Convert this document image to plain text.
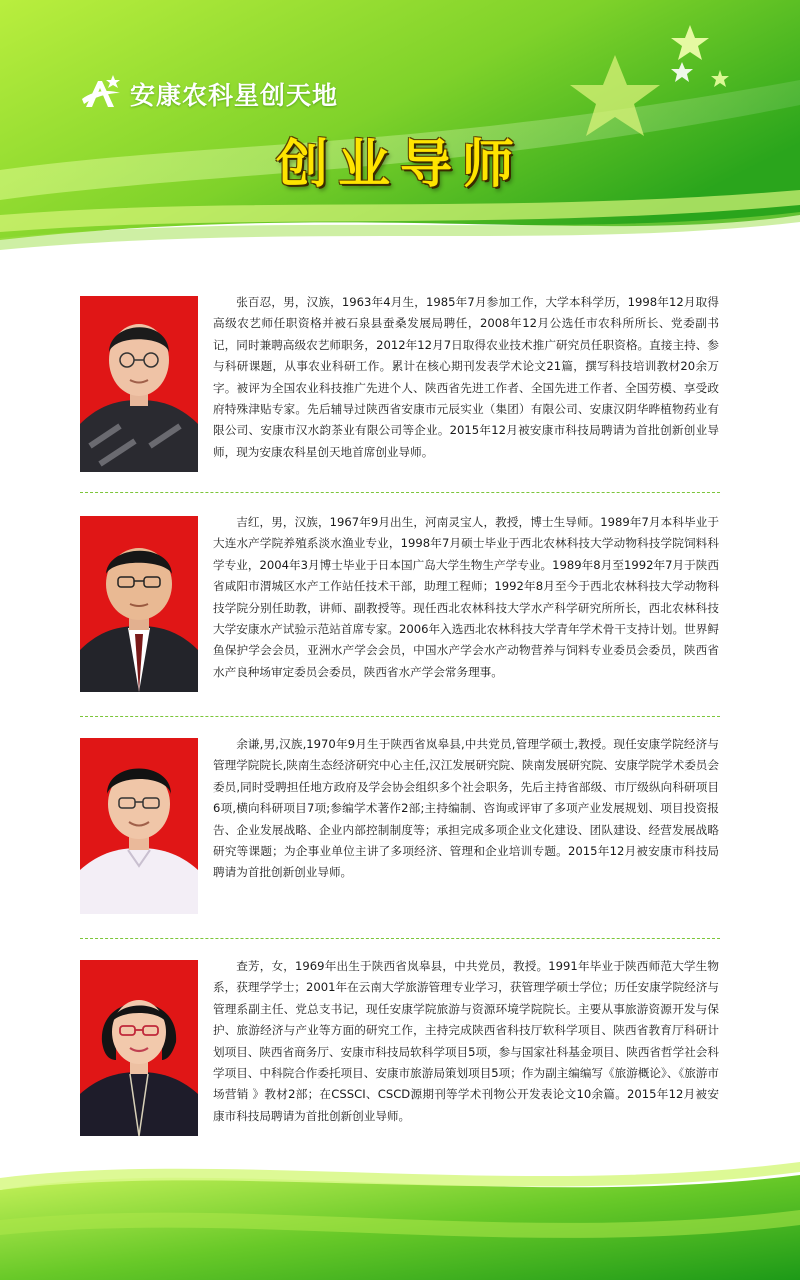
安康农科星创天地
创业导师

张百忍，男，汉族，1963年4月生，1985年7月参加工作，大学本科学历，1998年12月取得高级农艺师任职资格并被石泉县蚕桑发展局聘任，2008年12月公选任市农科所所长、党委副书记，同时兼聘高级农艺师职务，2012年12月7日取得农业技术推广研究员任职资格。直接主持、参与科研课题，从事农业科研工作。累计在核心期刊发表学术论文21篇，撰写科技培训教材20余万字。被评为全国农业科技推广先进个人、陕西省先进工作者、全国先进工作者、全国劳模、享受政府特殊津贴专家。先后辅导过陕西省安康市元辰实业（集团）有限公司、安康汉阴华晔植物药业有限公司、安康市汉水韵茶业有限公司等企业。2015年12月被安康市科技局聘请为首批创新创业导师，现为安康农科星创天地首席创业导师。

吉红，男，汉族，1967年9月出生，河南灵宝人，教授，博士生导师。1989年7月本科毕业于大连水产学院养殖系淡水渔业专业，1998年7月硕士毕业于西北农林科技大学动物科技学院饲料科学专业，2004年3月博士毕业于日本国广岛大学生物生产学专业。1989年8月至1992年7月于陕西省咸阳市渭城区水产工作站任技术干部，助理工程师；1992年8月至今于西北农林科技大学动物科技学院分别任助教，讲师、副教授等。现任西北农林科技大学水产科学研究所所长，西北农林科技大学安康水产试验示范站首席专家。2006年入选西北农林科技大学青年学术骨干支持计划。世界鲟鱼保护学会会员，亚洲水产学会会员，中国水产学会水产动物营养与饲料专业委员会委员，陕西省水产良种场审定委员会委员，陕西省水产学会常务理事。

余谦,男,汉族,1970年9月生于陕西省岚皋县,中共党员,管理学硕士,教授。现任安康学院经济与管理学院院长,陕南生态经济研究中心主任,汉江发展研究院、陕南发展研究院、安康学院学术委员会委员,同时受聘担任地方政府及学会协会组织多个社会职务，先后主持省部级、市厅级纵向科研项目6项,横向科研项目7项;参编学术著作2部;主持编制、咨询或评审了多项产业发展规划、项目投资报告、企业发展战略、企业内部控制制度等；承担完成多项企业文化建设、团队建设、经营发展战略研究等课题；为企事业单位主讲了多项经济、管理和企业培训专题。2015年12月被安康市科技局聘请为首批创新创业导师。

查芳，女，1969年出生于陕西省岚皋县，中共党员，教授。1991年毕业于陕西师范大学生物系，获理学学士；2001年在云南大学旅游管理专业学习，获管理学硕士学位；历任安康学院经济与管理系副主任、党总支书记，现任安康学院旅游与资源环境学院院长。主要从事旅游资源开发与保护、旅游经济与产业等方面的研究工作，主持完成陕西省科技厅软科学项目、陕西省教育厅科研计划项目、陕西省商务厅、安康市科技局软科学项目5项，参与国家社科基金项目、陕西省哲学社会科学项目、中科院合作委托项目、安康市旅游局策划项目5项；作为副主编编写《旅游概论》、《旅游市场营销 》教材2部；在CSSCI、CSCD源期刊等学术刊物公开发表论文10余篇。2015年12月被安康市科技局聘请为首批创新创业导师。
